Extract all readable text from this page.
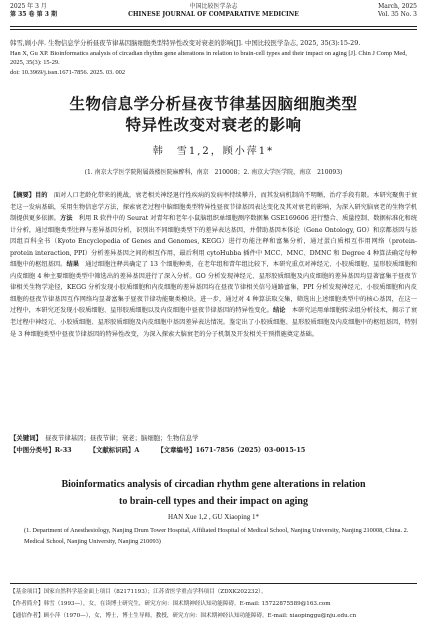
2025 年 3 月
第 35 卷 第 3 期
中国比较医学杂志
CHINESE JOURNAL OF COMPARATIVE MEDICINE
March, 2025
Vol. 35 No. 3
韩雪,顾小萍. 生物信息学分析昼夜节律基因脑细胞类型特异性改变对衰老的影响[J]. 中国比较医学杂志, 2025, 35(3):15-29.
Han X, Gu XP. Bioinformatics analysis of circadian rhythm gene alterations in relation to brain-cell types and their impact on aging [J]. Chin J Comp Med, 2025, 35(3): 15-29.
doi: 10.3969/j.issn.1671-7856. 2025. 03. 002
生物信息学分析昼夜节律基因脑细胞类型
特异性改变对衰老的影响
韩　雪1,2，顾小萍1*
(1. 南京大学医学院附属鼓楼医院麻醉科，南京　210008；2. 南京大学医学院，南京　210093)
【摘要】目的　面对人口老龄化带来的挑战，衰老相关神经退行性疾病的发病率持续攀升，而其发病机制尚不明晰，治疗手段有限。本研究聚焦于衰老这一发病基础，采用生物信息学方法，探索衰老过程中脑细胞类型特异性昼夜节律基因表达变化及其对衰老的影响，为深入研究脑衰老的生物学机制提供更多依据。方法　利用 R 软件中的 Seurat 对青年和老年小鼠脑组织单细胞测序数据集 GSE169606 进行整合、质量控制、数据标准化和统计分析，通过细胞类型注释与差异基因分析，识别出不同细胞类型下的差异表达基因，并借助基因本体论（Gene Ontology, GO）和京都基因与基因组百科全书（Kyoto Encyclopedia of Genes and Genomes, KEGG）进行功能注释和富集分析，通过蛋白质相互作用网络（protein-protein interaction, PPI）分析差异基因之间的相互作用，最后利用 cytoHubba 插件中 MCC、MNC、DMNC 和 Degree 4 种算法确定每种细胞中的枢纽基因。结果　通过细胞注释共确定了 13 个细胞种类，在老年组和青年组比较下，本研究重点对神经元、小胶质细胞、星形胶质细胞和内皮细胞 4 种主要细胞类型中筛选出的差异基因进行了深入分析。GO 分析发现神经元、星形胶质细胞及内皮细胞的差异基因均显著富集于昼夜节律相关生物学途径，KEGG 分析发现小胶质细胞和内皮细胞的差异基因均在昼夜节律相关信号通路富集，PPI 分析发现神经元、小胶质细胞和内皮细胞的昼夜节律基因互作网络均显著富集于昼夜节律功能聚类模块。进一步，通过对 4 种算法取交集，筛选出上述细胞类型中的核心基因，在这一过程中，本研究还发现小胶质细胞、星形胶质细胞以及内皮细胞中昼夜节律基因的特异性变化。结论　本研究运用单细胞转录组分析技术，揭示了衰老过程中神经元、小胶质细胞、星形胶质细胞及内皮细胞中基因差异表达情况。鉴定出了小胶质细胞、星形胶质细胞及内皮细胞中的枢纽基因，特别是 3 种细胞类型中昼夜节律基因的特异性改变，为深入探索大脑衰老的分子机制及开发相关干预措施奠定基础。
【关键词】　昼夜节律基因；昼夜节律；衰老；脑细胞；生物信息学
【中图分类号】R-33	【文献标识码】A	【文章编号】1671-7856（2025）03-0015-15
Bioinformatics analysis of circadian rhythm gene alterations in relation
to brain-cell types and their impact on aging
HAN Xue 1,2 , GU Xiaoping 1*
(1. Department of Anesthesiology, Nanjing Drum Tower Hospital, Affiliated Hospital of Medical School, Nanjing University, Nanjing 210008, China. 2. Medical School, Nanjing University, Nanjing 210093)
【基金项目】国家自然科学基金面上项目（82171193）；江苏省医学重点学科项目（ZDXK202232）。
【作者简介】韩雪（1993—），女，在读博士研究生，研究方向：围术期神经认知功能障碍。E-mail: 15722875589@163.com
【通信作者】顾小萍（1970—），女，博士，博士生导师，教授，研究方向：围术期神经认知功能障碍。E-mail: xiaopinggu@nju.edu.cn
